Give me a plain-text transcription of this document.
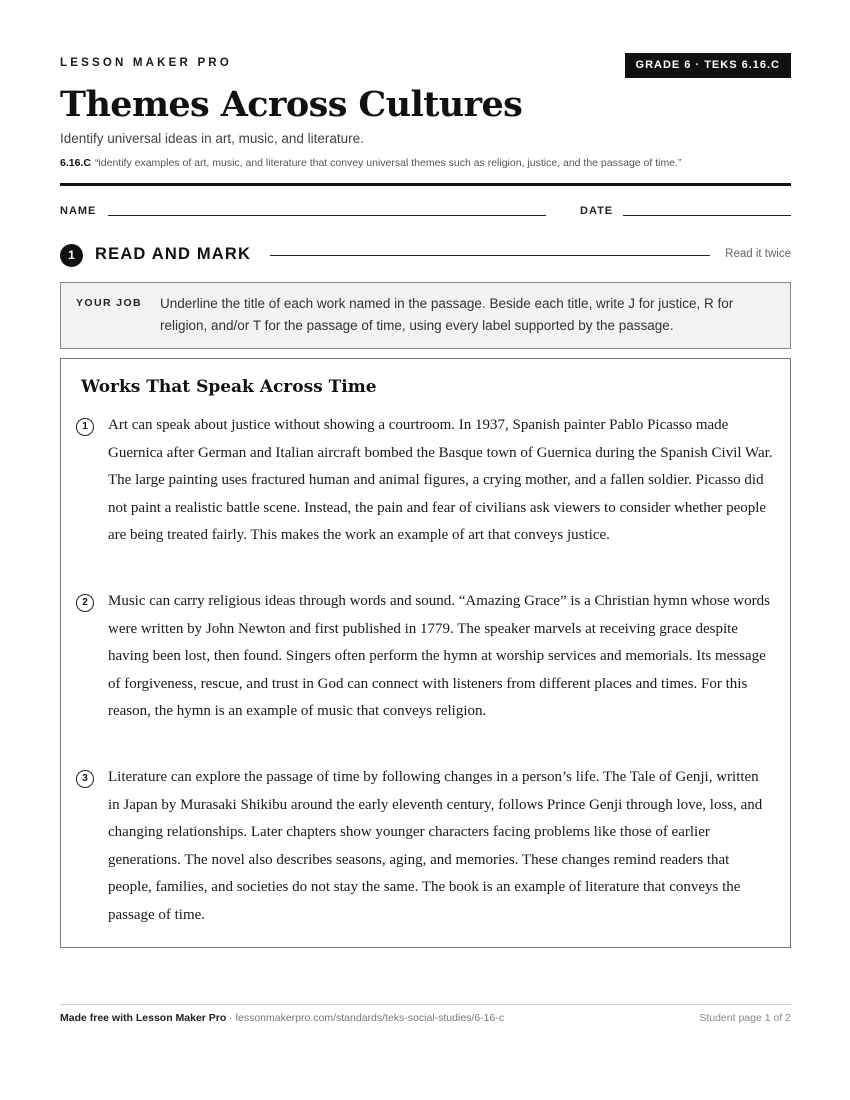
LESSON MAKER PRO	GRADE 6 · TEKS 6.16.C
Themes Across Cultures
Identify universal ideas in art, music, and literature.
6.16.C “identify examples of art, music, and literature that convey universal themes such as religion, justice, and the passage of time.”
NAME	DATE
1	READ AND MARK	Read it twice
YOUR JOB Underline the title of each work named in the passage. Beside each title, write J for justice, R for religion, and/or T for the passage of time, using every label supported by the passage.
Works That Speak Across Time
1	Art can speak about justice without showing a courtroom. In 1937, Spanish painter Pablo Picasso made Guernica after German and Italian aircraft bombed the Basque town of Guernica during the Spanish Civil War. The large painting uses fractured human and animal figures, a crying mother, and a fallen soldier. Picasso did not paint a realistic battle scene. Instead, the pain and fear of civilians ask viewers to consider whether people are being treated fairly. This makes the work an example of art that conveys justice.
2	Music can carry religious ideas through words and sound. “Amazing Grace” is a Christian hymn whose words were written by John Newton and first published in 1779. The speaker marvels at receiving grace despite having been lost, then found. Singers often perform the hymn at worship services and memorials. Its message of forgiveness, rescue, and trust in God can connect with listeners from different places and times. For this reason, the hymn is an example of music that conveys religion.
3	Literature can explore the passage of time by following changes in a person’s life. The Tale of Genji, written in Japan by Murasaki Shikibu around the early eleventh century, follows Prince Genji through love, loss, and changing relationships. Later chapters show younger characters facing problems like those of earlier generations. The novel also describes seasons, aging, and memories. These changes remind readers that people, families, and societies do not stay the same. The book is an example of literature that conveys the passage of time.
Made free with Lesson Maker Pro · lessonmakerpro.com/standards/teks-social-studies/6-16-c	Student page 1 of 2
